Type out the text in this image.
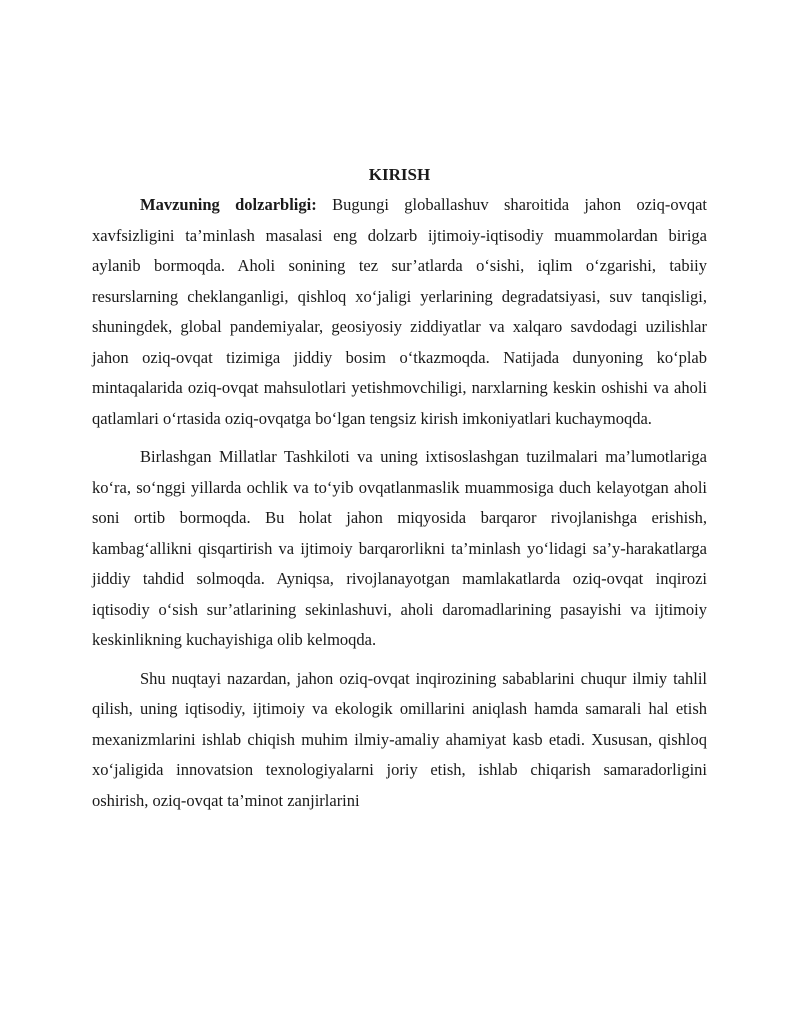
KIRISH

Mavzuning dolzarbligi: Bugungi globallashuv sharoitida jahon oziq-ovqat xavfsizligini ta’minlash masalasi eng dolzarb ijtimoiy-iqtisodiy muammolardan biriga aylanib bormoqda. Aholi sonining tez sur’atlarda oʻsishi, iqlim oʻzgarishi, tabiiy resurslarning cheklanganligi, qishloq xoʻjaligi yerlarining degradatsiyasi, suv tanqisligi, shuningdek, global pandemiyalar, geosiyosiy ziddiyatlar va xalqaro savdodagi uzilishlar jahon oziq-ovqat tizimiga jiddiy bosim oʻtkazmoqda. Natijada dunyoning koʻplab mintaqalarida oziq-ovqat mahsulotlari yetishmovchiligi, narxlarning keskin oshishi va aholi qatlamlari oʻrtasida oziq-ovqatga boʻlgan tengsiz kirish imkoniyatlari kuchaymoqda.

Birlashgan Millatlar Tashkiloti va uning ixtisoslashgan tuzilmalari ma’lumotlariga koʻra, soʻnggi yillarda ochlik va toʻyib ovqatlanmaslik muammosiga duch kelayotgan aholi soni ortib bormoqda. Bu holat jahon miqyosida barqaror rivojlanishga erishish, kambagʻallikni qisqartirish va ijtimoiy barqarorlikni ta’minlash yoʻlidagi sa’y-harakatlarga jiddiy tahdid solmoqda. Ayniqsa, rivojlanayotgan mamlakatlarda oziq-ovqat inqirozi iqtisodiy oʻsish sur’atlarining sekinlashuvi, aholi daromadlarining pasayishi va ijtimoiy keskinlikning kuchayishiga olib kelmoqda.

Shu nuqtayi nazardan, jahon oziq-ovqat inqirozining sabablarini chuqur ilmiy tahlil qilish, uning iqtisodiy, ijtimoiy va ekologik omillarini aniqlash hamda samarali hal etish mexanizmlarini ishlab chiqish muhim ilmiy-amaliy ahamiyat kasb etadi. Xususan, qishloq xoʻjaligida innovatsion texnologiyalarni joriy etish, ishlab chiqarish samaradorligini oshirish, oziq-ovqat ta’minot zanjirlarini
